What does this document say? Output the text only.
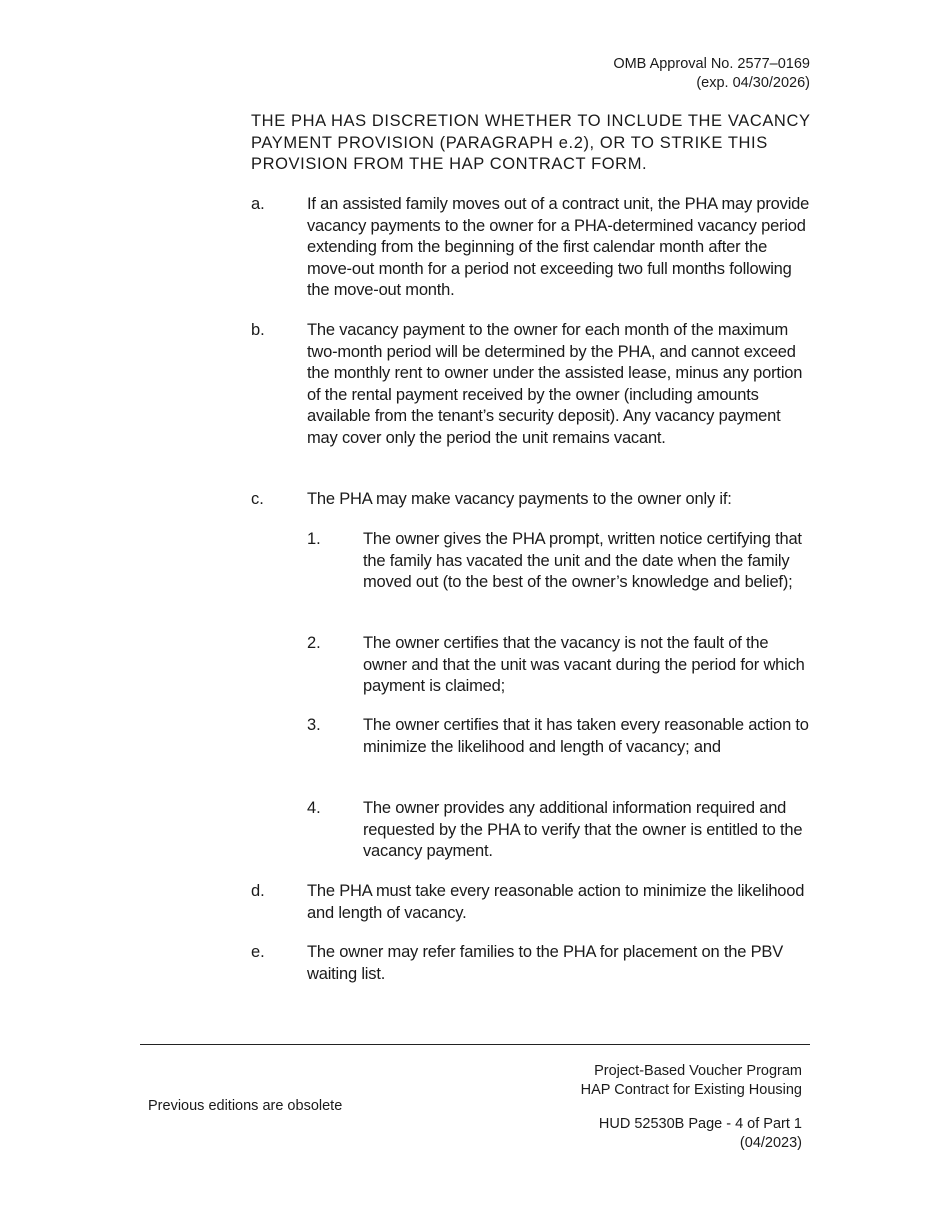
OMB Approval No. 2577–0169
(exp. 04/30/2026)
THE PHA HAS DISCRETION WHETHER TO INCLUDE THE VACANCY PAYMENT PROVISION (PARAGRAPH e.2), OR TO STRIKE THIS PROVISION FROM THE HAP CONTRACT FORM.
a.	If an assisted family moves out of a contract unit, the PHA may provide vacancy payments to the owner for a PHA-determined vacancy period extending from the beginning of the first calendar month after the move-out month for a period not exceeding two full months following the move-out month.
b.	The vacancy payment to the owner for each month of the maximum two-month period will be determined by the PHA, and cannot exceed the monthly rent to owner under the assisted lease, minus any portion of the rental payment received by the owner (including amounts available from the tenant’s security deposit). Any vacancy payment may cover only the period the unit remains vacant.
c.	The PHA may make vacancy payments to the owner only if:
1.	The owner gives the PHA prompt, written notice certifying that the family has vacated the unit and the date when the family moved out (to the best of the owner’s knowledge and belief);
2.	The owner certifies that the vacancy is not the fault of the owner and that the unit was vacant during the period for which payment is claimed;
3.	The owner certifies that it has taken every reasonable action to minimize the likelihood and length of vacancy; and
4.	The owner provides any additional information required and requested by the PHA to verify that the owner is entitled to the vacancy payment.
d.	The PHA must take every reasonable action to minimize the likelihood and length of vacancy.
e.	The owner may refer families to the PHA for placement on the PBV waiting list.
Project-Based Voucher Program
HAP Contract for Existing Housing
Previous editions are obsolete
HUD 52530B Page - 4 of Part 1
(04/2023)
